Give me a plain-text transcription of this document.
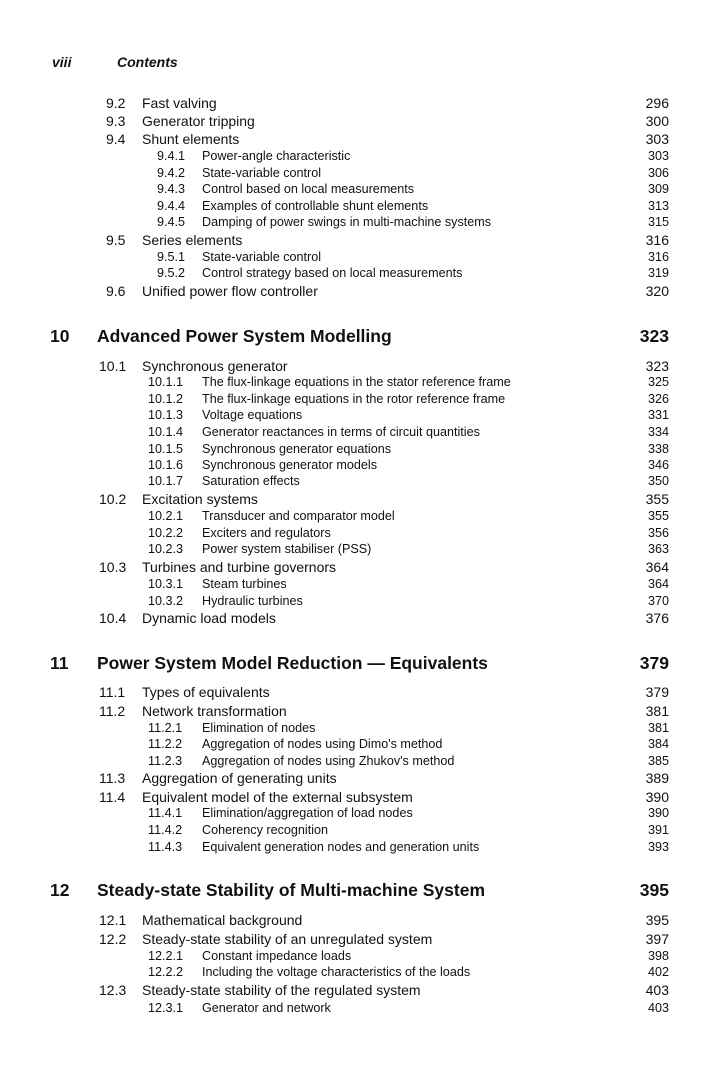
viii	Contents
9.2 Fast valving	296
9.3 Generator tripping	300
9.4 Shunt elements	303
9.4.1 Power-angle characteristic	303
9.4.2 State-variable control	306
9.4.3 Control based on local measurements	309
9.4.4 Examples of controllable shunt elements	313
9.4.5 Damping of power swings in multi-machine systems	315
9.5 Series elements	316
9.5.1 State-variable control	316
9.5.2 Control strategy based on local measurements	319
9.6 Unified power flow controller	320
10 Advanced Power System Modelling	323
10.1 Synchronous generator	323
10.1.1 The flux-linkage equations in the stator reference frame	325
10.1.2 The flux-linkage equations in the rotor reference frame	326
10.1.3 Voltage equations	331
10.1.4 Generator reactances in terms of circuit quantities	334
10.1.5 Synchronous generator equations	338
10.1.6 Synchronous generator models	346
10.1.7 Saturation effects	350
10.2 Excitation systems	355
10.2.1 Transducer and comparator model	355
10.2.2 Exciters and regulators	356
10.2.3 Power system stabiliser (PSS)	363
10.3 Turbines and turbine governors	364
10.3.1 Steam turbines	364
10.3.2 Hydraulic turbines	370
10.4 Dynamic load models	376
11 Power System Model Reduction — Equivalents	379
11.1 Types of equivalents	379
11.2 Network transformation	381
11.2.1 Elimination of nodes	381
11.2.2 Aggregation of nodes using Dimo's method	384
11.2.3 Aggregation of nodes using Zhukov's method	385
11.3 Aggregation of generating units	389
11.4 Equivalent model of the external subsystem	390
11.4.1 Elimination/aggregation of load nodes	390
11.4.2 Coherency recognition	391
11.4.3 Equivalent generation nodes and generation units	393
12 Steady-state Stability of Multi-machine System	395
12.1 Mathematical background	395
12.2 Steady-state stability of an unregulated system	397
12.2.1 Constant impedance loads	398
12.2.2 Including the voltage characteristics of the loads	402
12.3 Steady-state stability of the regulated system	403
12.3.1 Generator and network	403
